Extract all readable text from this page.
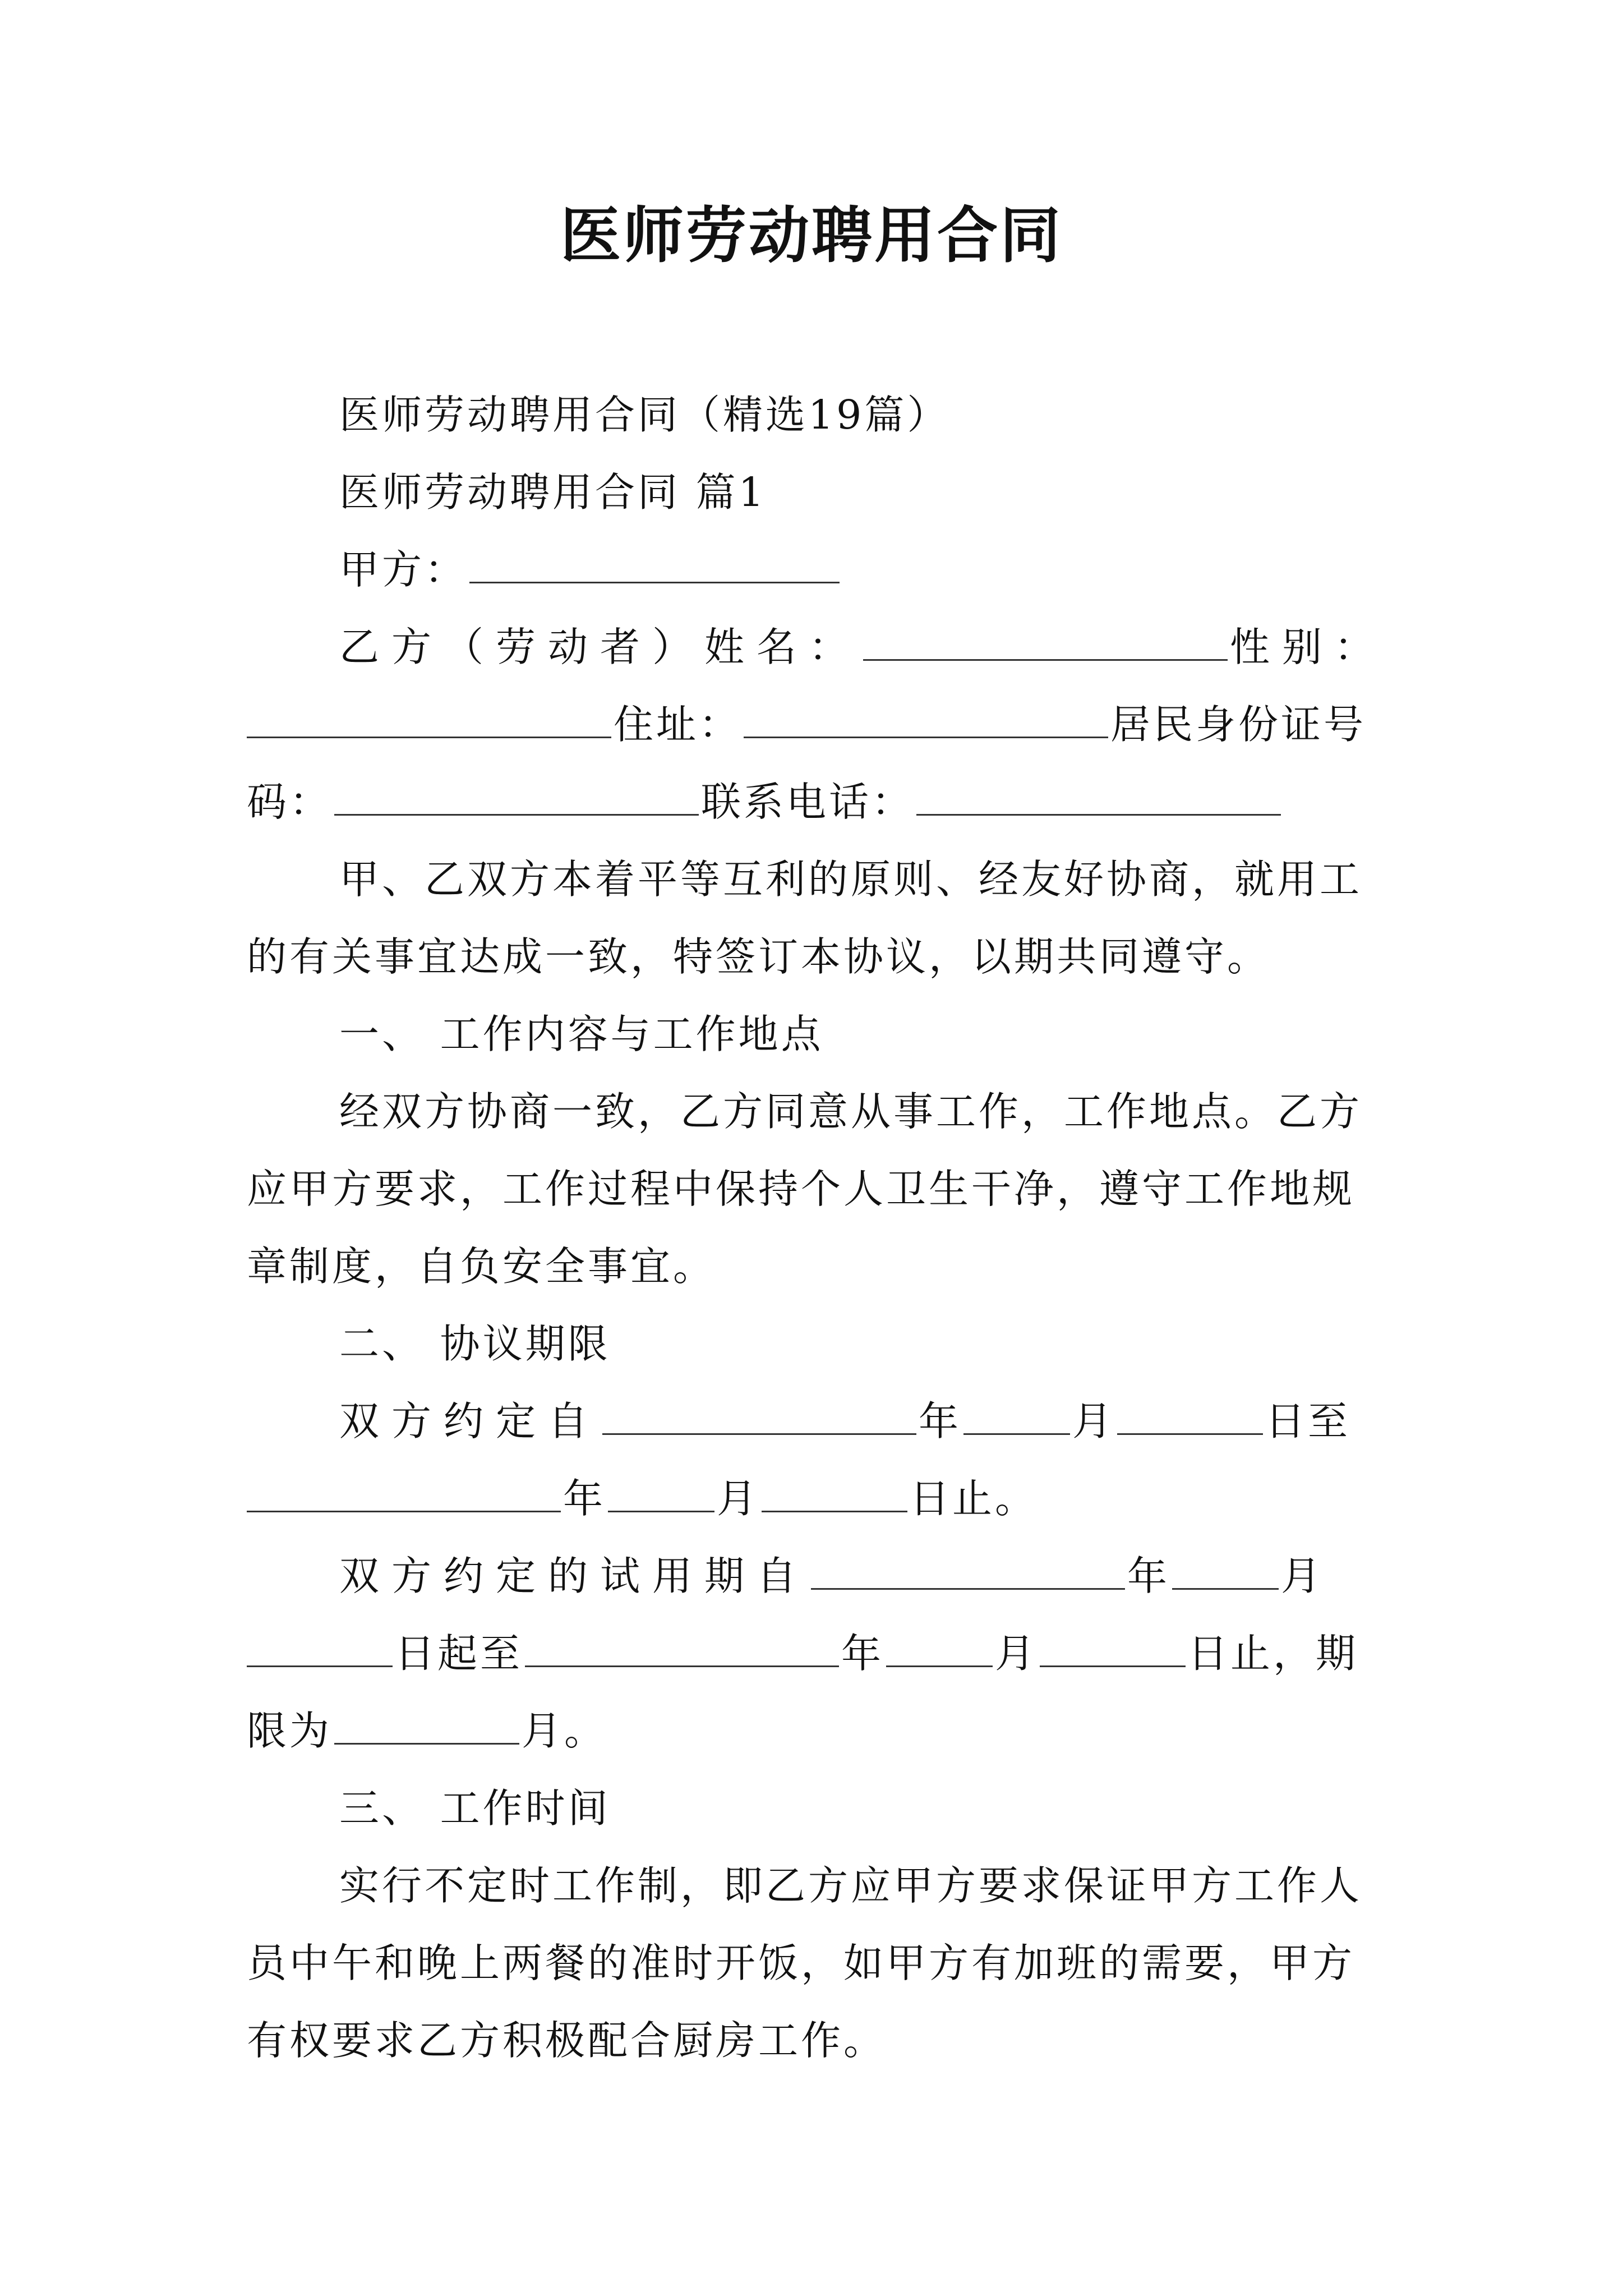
医师劳动聘用合同
医师劳动聘用合同（精选19篇）
医师劳动聘用合同 篇1
甲方：
乙方（劳动者）姓名：	性别：
住址：	居民身份证号
码：	联系电话：
甲、乙双方本着平等互利的原则、经友好协商，就用工
的有关事宜达成一致，特签订本协议，以期共同遵守。
一、 工作内容与工作地点
经双方协商一致，乙方同意从事工作，工作地点。乙方
应甲方要求，工作过程中保持个人卫生干净，遵守工作地规
章制度，自负安全事宜。
二、 协议期限
双方约定自	年	月	日至
年	月	日止。
双方约定的试用期自	年	月
日起至	年	月	日止，期
限为	月。
三、 工作时间
实行不定时工作制，即乙方应甲方要求保证甲方工作人
员中午和晚上两餐的准时开饭，如甲方有加班的需要，甲方
有权要求乙方积极配合厨房工作。
